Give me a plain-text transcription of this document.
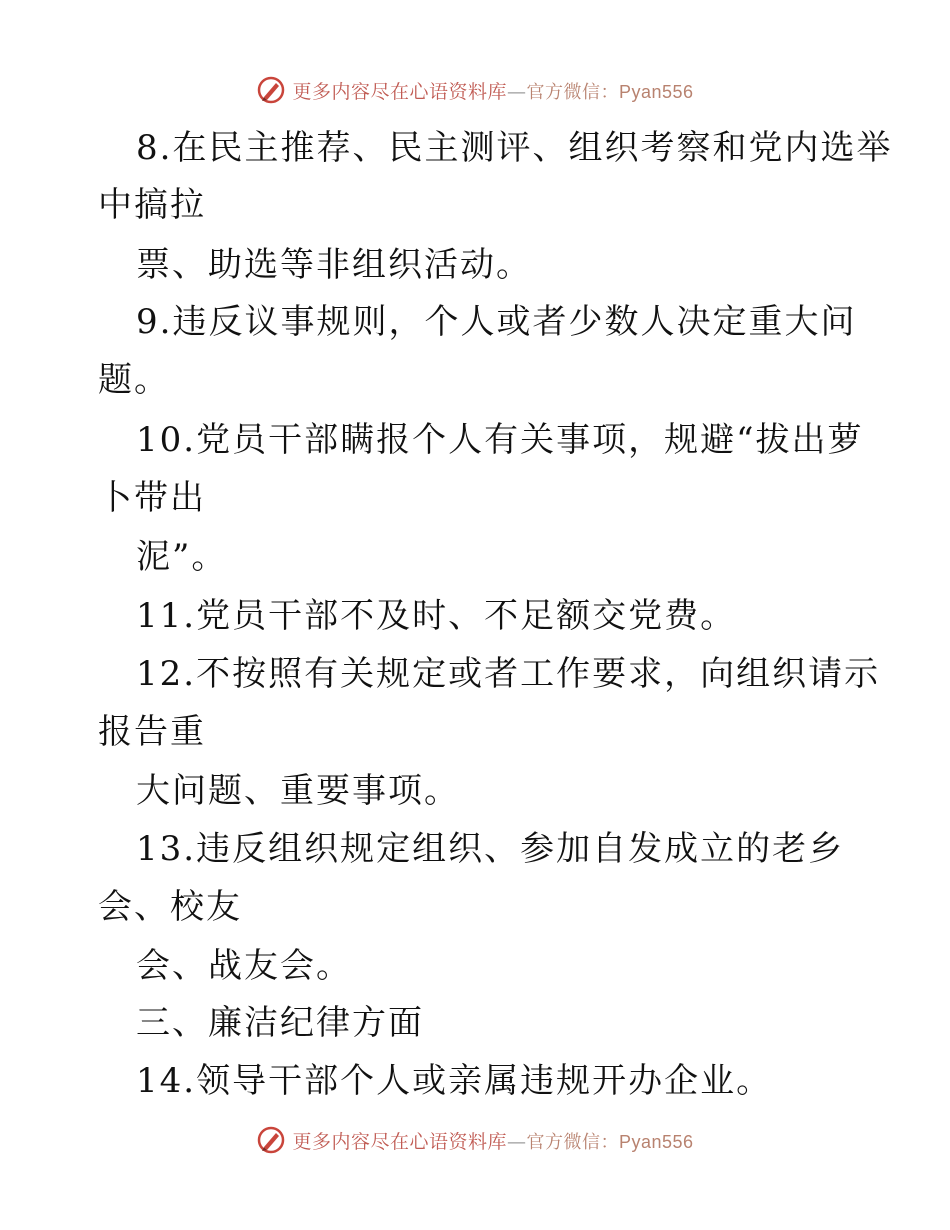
更多内容尽在心语资料库—官方微信：Pyan556
8.在民主推荐、民主测评、组织考察和党内选举
中搞拉
票、助选等非组织活动。
9.违反议事规则，个人或者少数人决定重大问
题。
10.党员干部瞒报个人有关事项，规避“拔出萝
卜带出
泥”。
11.党员干部不及时、不足额交党费。
12.不按照有关规定或者工作要求，向组织请示
报告重
大问题、重要事项。
13.违反组织规定组织、参加自发成立的老乡
会、校友
会、战友会。
三、廉洁纪律方面
14.领导干部个人或亲属违规开办企业。
更多内容尽在心语资料库—官方微信：Pyan556
